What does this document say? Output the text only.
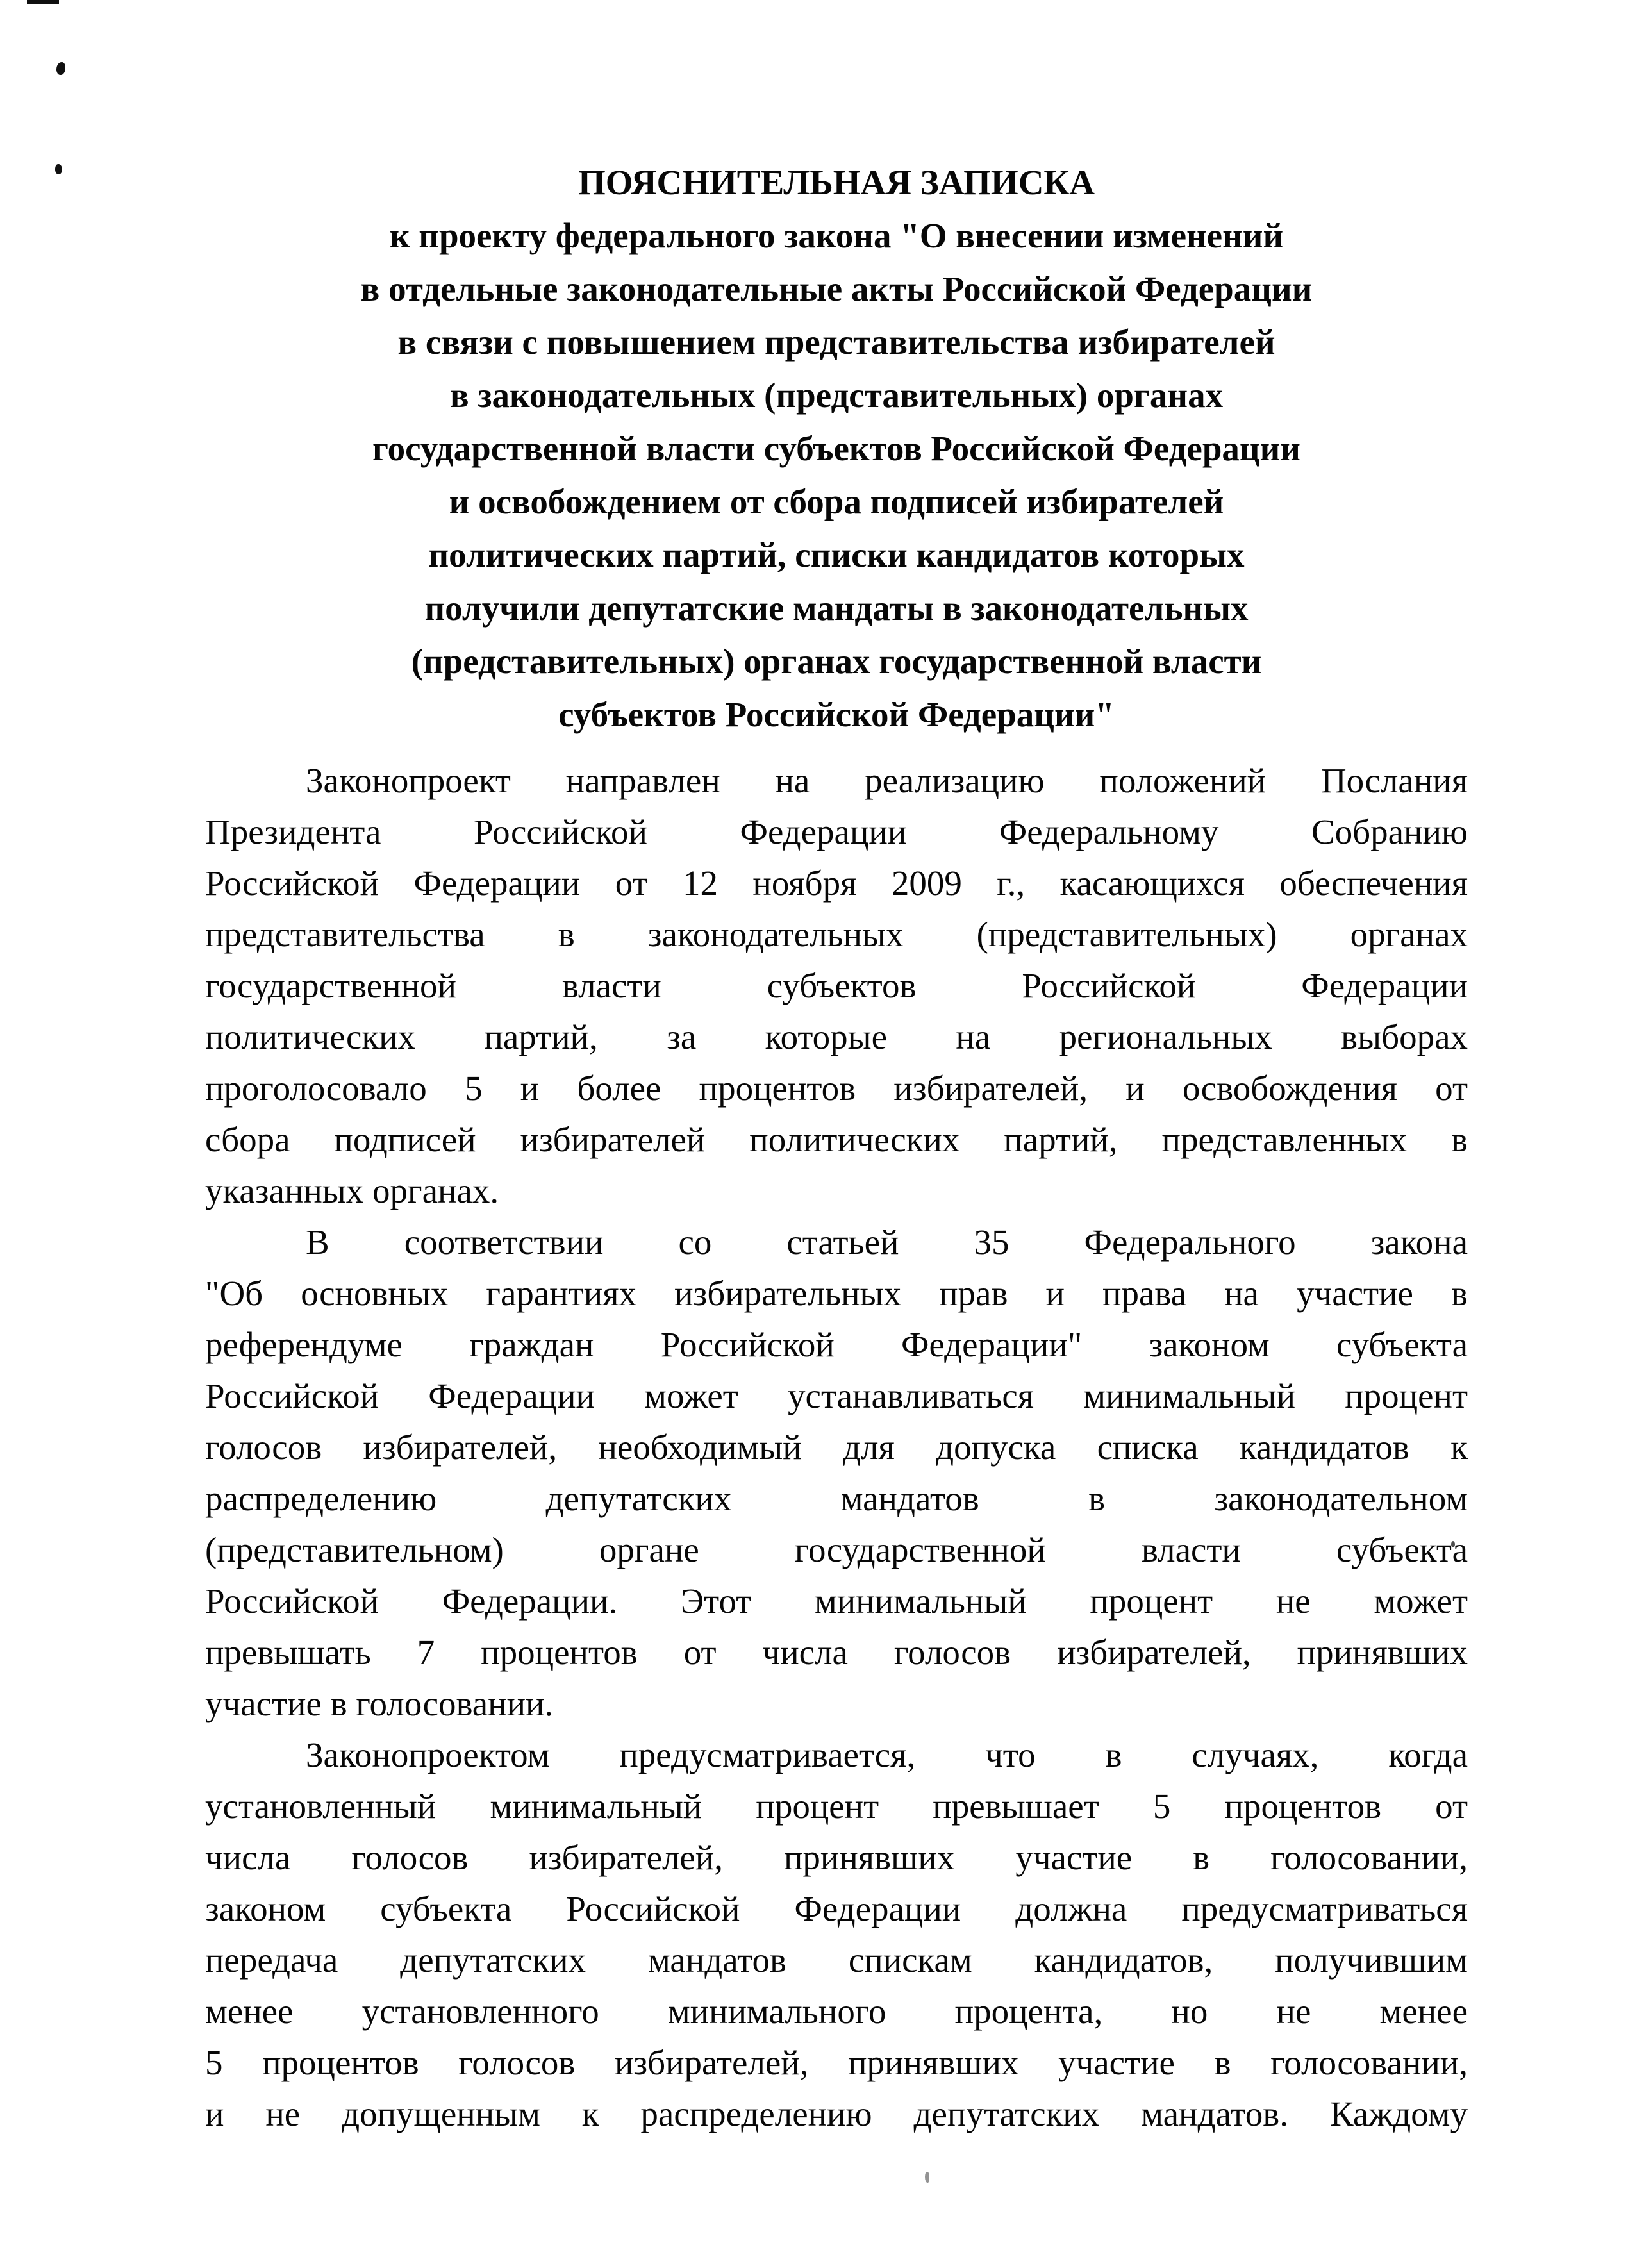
ПОЯСНИТЕЛЬНАЯ ЗАПИСКА
к проекту федерального закона "О внесении изменений
в отдельные законодательные акты Российской Федерации
в связи с повышением представительства избирателей
в законодательных (представительных) органах
государственной власти субъектов Российской Федерации
и освобождением от сбора подписей избирателей
политических партий, списки кандидатов которых
получили депутатские мандаты в законодательных
(представительных) органах государственной власти
субъектов Российской Федерации"
Законопроект направлен на реализацию положений Послания
Президента Российской Федерации Федеральному Собранию
Российской Федерации от 12 ноября 2009 г., касающихся обеспечения
представительства в законодательных (представительных) органах
государственной власти субъектов Российской Федерации
политических партий, за которые на региональных выборах
проголосовало 5 и более процентов избирателей, и освобождения от
сбора подписей избирателей политических партий, представленных в
указанных органах.
В соответствии со статьей 35 Федерального закона
"Об основных гарантиях избирательных прав и права на участие в
референдуме граждан Российской Федерации" законом субъекта
Российской Федерации может устанавливаться минимальный процент
голосов избирателей, необходимый для допуска списка кандидатов к
распределению депутатских мандатов в законодательном
(представительном) органе государственной власти субъекта
Российской Федерации. Этот минимальный процент не может
превышать 7 процентов от числа голосов избирателей, принявших
участие в голосовании.
Законопроектом предусматривается, что в случаях, когда
установленный минимальный процент превышает 5 процентов от
числа голосов избирателей, принявших участие в голосовании,
законом субъекта Российской Федерации должна предусматриваться
передача депутатских мандатов спискам кандидатов, получившим
менее установленного минимального процента, но не менее
5 процентов голосов избирателей, принявших участие в голосовании,
и не допущенным к распределению депутатских мандатов. Каждому
